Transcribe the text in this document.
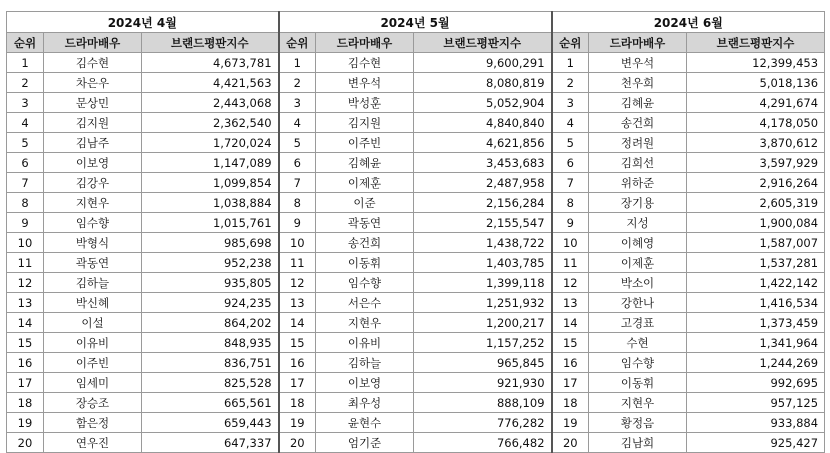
2024년 4월			2024년 5월			2024년 6월		
순위	드라마배우	브랜드평판지수	순위	드라마배우	브랜드평판지수	순위	드라마배우	브랜드평판지수
1	김수현	4,673,781	1	김수현	9,600,291	1	변우석	12,399,453
2	차은우	4,421,563	2	변우석	8,080,819	2	천우희	5,018,136
3	문상민	2,443,068	3	박성훈	5,052,904	3	김혜윤	4,291,674
4	김지원	2,362,540	4	김지원	4,840,840	4	송건희	4,178,050
5	김남주	1,720,024	5	이주빈	4,621,856	5	정려원	3,870,612
6	이보영	1,147,089	6	김혜윤	3,453,683	6	김희선	3,597,929
7	김강우	1,099,854	7	이제훈	2,487,958	7	위하준	2,916,264
8	지현우	1,038,884	8	이준	2,156,284	8	장기용	2,605,319
9	임수향	1,015,761	9	곽동연	2,155,547	9	지성	1,900,084
10	박형식	985,698	10	송건희	1,438,722	10	이혜영	1,587,007
11	곽동연	952,238	11	이동휘	1,403,785	11	이제훈	1,537,281
12	김하늘	935,805	12	임수향	1,399,118	12	박소이	1,422,142
13	박신혜	924,235	13	서은수	1,251,932	13	강한나	1,416,534
14	이설	864,202	14	지현우	1,200,217	14	고경표	1,373,459
15	이유비	848,935	15	이유비	1,157,252	15	수현	1,341,964
16	이주빈	836,751	16	김하늘	965,845	16	임수향	1,244,269
17	임세미	825,528	17	이보영	921,930	17	이동휘	992,695
18	장승조	665,561	18	최우성	888,109	18	지현우	957,125
19	함은정	659,443	19	윤현수	776,282	19	황정음	933,884
20	연우진	647,337	20	엄기준	766,482	20	김남희	925,427
